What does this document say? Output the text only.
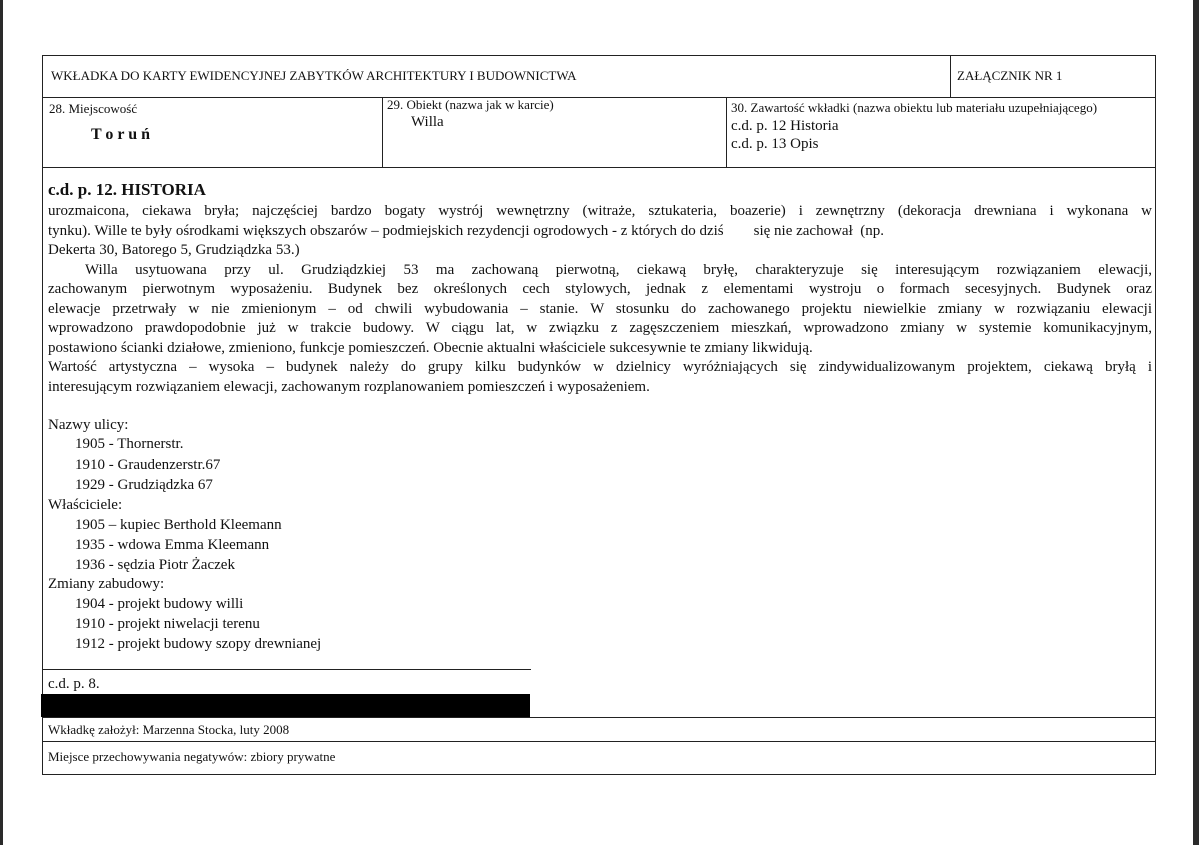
WKŁADKA DO KARTY EWIDENCYJNEJ ZABYTKÓW ARCHITEKTURY I BUDOWNICTWA	ZAŁĄCZNIK NR 1
28. Miejscowość
T o r u ń
29. Obiekt (nazwa jak w karcie)
Willa
30. Zawartość wkładki (nazwa obiektu lub materiału uzupełniającego)
c.d. p. 12 Historia
c.d. p. 13 Opis
c.d. p. 12. HISTORIA
urozmaicona, ciekawa bryła; najczęściej bardzo bogaty wystrój wewnętrzny (witraże, sztukateria, boazerie) i zewnętrzny (dekoracja drewniana i wykonana w
tynku). Wille te były ośrodkami większych obszarów – podmiejskich rezydencji ogrodowych - z których do dziś        się nie zachował  (np.
Dekerta 30, Batorego 5, Grudziądzka 53.)
Willa usytuowana przy ul. Grudziądzkiej 53 ma zachowaną pierwotną, ciekawą bryłę, charakteryzuje się interesującym rozwiązaniem elewacji,
zachowanym pierwotnym wyposażeniu. Budynek bez określonych cech stylowych, jednak z elementami wystroju o formach secesyjnych. Budynek oraz
elewacje przetrwały w nie zmienionym – od chwili wybudowania – stanie. W stosunku do zachowanego projektu niewielkie zmiany w rozwiązaniu elewacji
wprowadzono prawdopodobnie już w trakcie budowy. W ciągu lat, w związku z zagęszczeniem mieszkań, wprowadzono zmiany w systemie komunikacyjnym,
postawiono ścianki działowe, zmieniono, funkcje pomieszczeń. Obecnie aktualni właściciele sukcesywnie te zmiany likwidują.
Wartość artystyczna – wysoka – budynek należy do grupy kilku budynków w dzielnicy wyróżniających się zindywidualizowanym projektem, ciekawą bryłą i
interesującym rozwiązaniem elewacji, zachowanym rozplanowaniem pomieszczeń i wyposażeniem.
Nazwy ulicy:
1905 - Thornerstr.
1910 - Graudenzerstr.67
1929 - Grudziądzka 67
Właściciele:
1905 – kupiec Berthold Kleemann
1935 - wdowa Emma Kleemann
1936 - sędzia Piotr Żaczek
Zmiany zabudowy:
1904 - projekt budowy willi
1910 - projekt niwelacji terenu
1912 - projekt budowy szopy drewnianej
c.d. p. 8.
Wkładkę założył: Marzenna Stocka, luty 2008
Miejsce przechowywania negatywów: zbiory prywatne
